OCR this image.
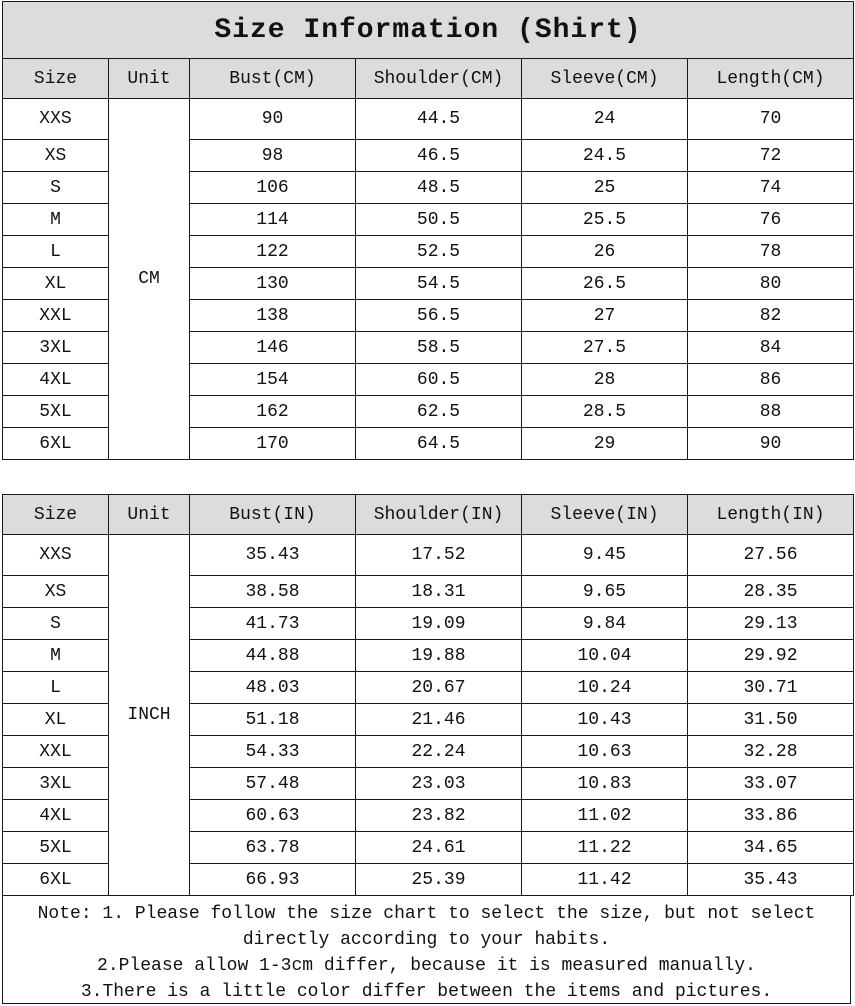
Size Information (Shirt)					
Size	Unit	Bust(CM)	Shoulder(CM)	Sleeve(CM)	Length(CM)
XXS	CM	90	44.5	24	70
XS		98	46.5	24.5	72
S		106	48.5	25	74
M		114	50.5	25.5	76
L		122	52.5	26	78
XL		130	54.5	26.5	80
XXL		138	56.5	27	82
3XL		146	58.5	27.5	84
4XL		154	60.5	28	86
5XL		162	62.5	28.5	88
6XL		170	64.5	29	90
Size	Unit	Bust(IN)	Shoulder(IN)	Sleeve(IN)	Length(IN)
XXS	INCH	35.43	17.52	9.45	27.56
XS		38.58	18.31	9.65	28.35
S		41.73	19.09	9.84	29.13
M		44.88	19.88	10.04	29.92
L		48.03	20.67	10.24	30.71
XL		51.18	21.46	10.43	31.50
XXL		54.33	22.24	10.63	32.28
3XL		57.48	23.03	10.83	33.07
4XL		60.63	23.82	11.02	33.86
5XL		63.78	24.61	11.22	34.65
6XL		66.93	25.39	11.42	35.43
Note: 1. Please follow the size chart to select the size, but not select
directly according to your habits.
2.Please allow 1-3cm differ, because it is measured manually.
3.There is a little color differ between the items and pictures.
